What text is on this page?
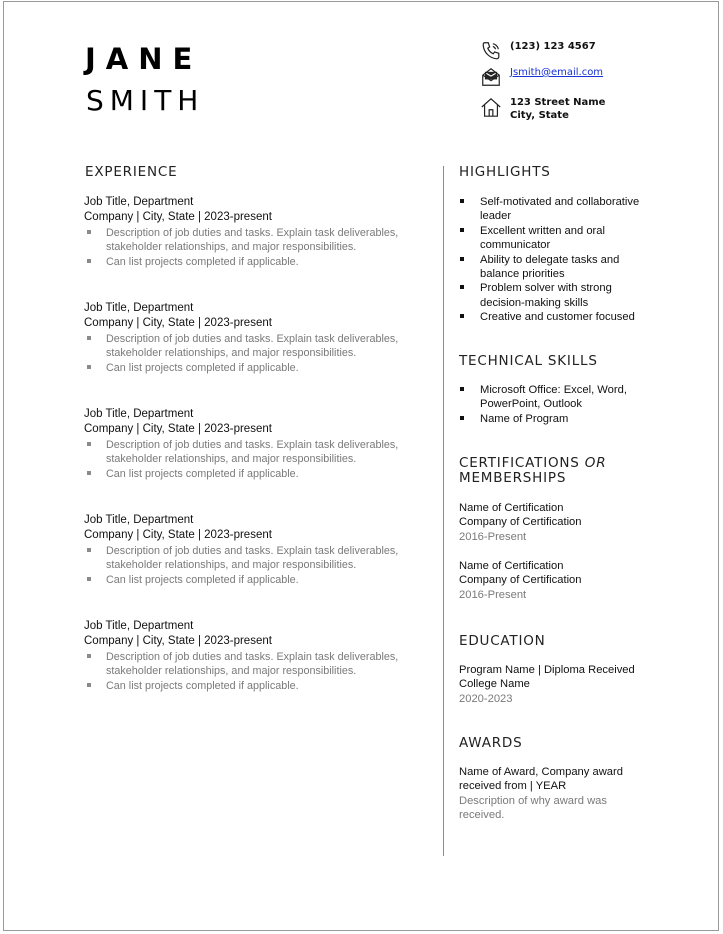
JANE
SMITH
(123) 123 4567
Jsmith@email.com
123 Street Name
City, State
EXPERIENCE
Job Title, Department
Company | City, State | 2023-present
Description of job duties and tasks. Explain task deliverables, stakeholder relationships, and major responsibilities.
Can list projects completed if applicable.
Job Title, Department
Company | City, State | 2023-present
Description of job duties and tasks. Explain task deliverables, stakeholder relationships, and major responsibilities.
Can list projects completed if applicable.
Job Title, Department
Company | City, State | 2023-present
Description of job duties and tasks. Explain task deliverables, stakeholder relationships, and major responsibilities.
Can list projects completed if applicable.
Job Title, Department
Company | City, State | 2023-present
Description of job duties and tasks. Explain task deliverables, stakeholder relationships, and major responsibilities.
Can list projects completed if applicable.
Job Title, Department
Company | City, State | 2023-present
Description of job duties and tasks. Explain task deliverables, stakeholder relationships, and major responsibilities.
Can list projects completed if applicable.
HIGHLIGHTS
Self-motivated and collaborative leader
Excellent written and oral communicator
Ability to delegate tasks and balance priorities
Problem solver with strong decision-making skills
Creative and customer focused
TECHNICAL SKILLS
Microsoft Office: Excel, Word, PowerPoint, Outlook
Name of Program
CERTIFICATIONS OR
MEMBERSHIPS
Name of Certification
Company of Certification
2016-Present
Name of Certification
Company of Certification
2016-Present
EDUCATION
Program Name | Diploma Received
College Name
2020-2023
AWARDS
Name of Award, Company award received from | YEAR
Description of why award was received.
